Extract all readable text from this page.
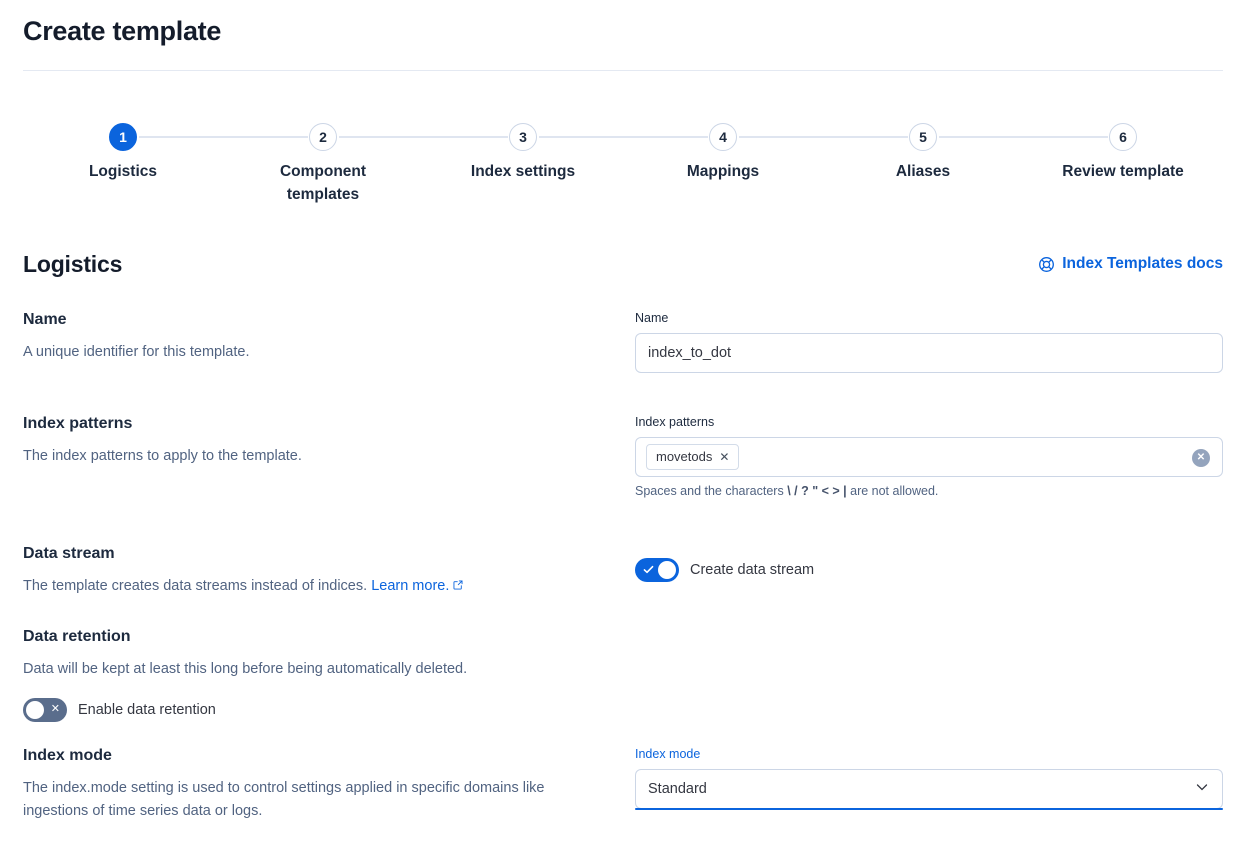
Create template
1
Logistics
2
Component templates
3
Index settings
4
Mappings
5
Aliases
6
Review template
Logistics	Index Templates docs
Name

A unique identifier for this template.

Name
index_to_dot
Index patterns

The index patterns to apply to the template.

Index patterns
movetods ✕	✕
Spaces and the characters \ / ? " < > | are not allowed.
Data stream

The template creates data streams instead of indices. Learn more.

Create data stream
Data retention

Data will be kept at least this long before being automatically deleted.

✕ Enable data retention
Index mode

The index.mode setting is used to control settings applied in specific domains like ingestions of time series data or logs.

Index mode
Standard
